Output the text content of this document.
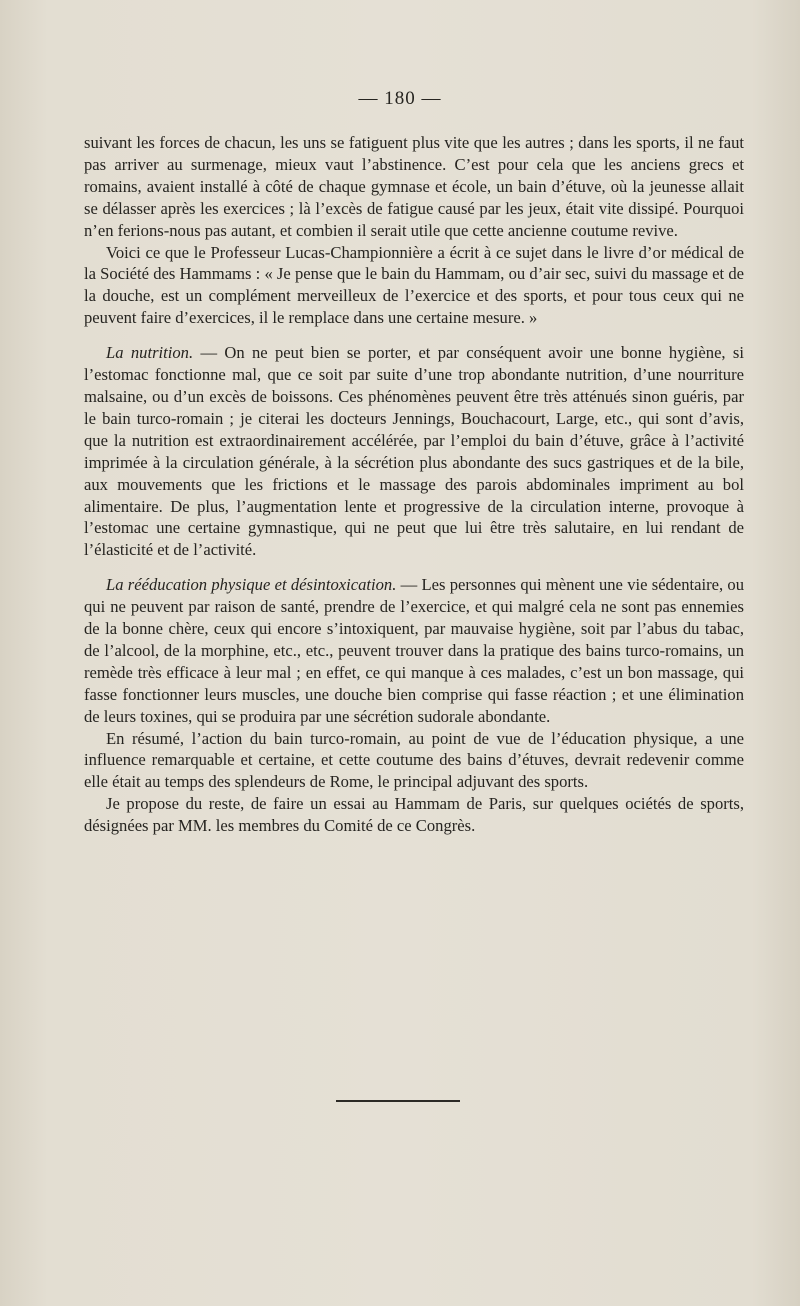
— 180 —

suivant les forces de chacun, les uns se fatiguent plus vite que les autres ; dans les sports, il ne faut pas arriver au surmenage, mieux vaut l’abstinence. C’est pour cela que les anciens grecs et romains, avaient installé à côté de chaque gymnase et école, un bain d’étuve, où la jeunesse allait se délasser après les exercices ; là l’excès de fatigue causé par les jeux, était vite dissipé. Pourquoi n’en ferions-nous pas autant, et combien il serait utile que cette ancienne coutume revive.

Voici ce que le Professeur Lucas-Championnière a écrit à ce sujet dans le livre d’or médical de la Société des Hammams : « Je pense que le bain du Hammam, ou d’air sec, suivi du massage et de la douche, est un complément merveilleux de l’exercice et des sports, et pour tous ceux qui ne peuvent faire d’exercices, il le remplace dans une certaine mesure. »

La nutrition. — On ne peut bien se porter, et par conséquent avoir une bonne hygiène, si l’estomac fonctionne mal, que ce soit par suite d’une trop abondante nutrition, d’une nourriture malsaine, ou d’un excès de boissons. Ces phénomènes peuvent être très atténués sinon guéris, par le bain turco-romain ; je citerai les docteurs Jennings, Bouchacourt, Large, etc., qui sont d’avis, que la nutrition est extraordinairement accélérée, par l’emploi du bain d’étuve, grâce à l’activité imprimée à la circulation générale, à la sécrétion plus abondante des sucs gastriques et de la bile, aux mouvements que les frictions et le massage des parois abdominales impriment au bol alimentaire. De plus, l’augmentation lente et progressive de la circulation interne, provoque à l’estomac une certaine gymnastique, qui ne peut que lui être très salutaire, en lui rendant de l’élasticité et de l’activité.

La rééducation physique et désintoxication. — Les personnes qui mènent une vie sédentaire, ou qui ne peuvent par raison de santé, prendre de l’exercice, et qui malgré cela ne sont pas ennemies de la bonne chère, ceux qui encore s’intoxiquent, par mauvaise hygiène, soit par l’abus du tabac, de l’alcool, de la morphine, etc., etc., peuvent trouver dans la pratique des bains turco-romains, un remède très efficace à leur mal ; en effet, ce qui manque à ces malades, c’est un bon massage, qui fasse fonctionner leurs muscles, une douche bien comprise qui fasse réaction ; et une élimination de leurs toxines, qui se produira par une sécrétion sudorale abondante.

En résumé, l’action du bain turco-romain, au point de vue de l’éducation physique, a une influence remarquable et certaine, et cette coutume des bains d’étuves, devrait redevenir comme elle était au temps des splendeurs de Rome, le principal adjuvant des sports.

Je propose du reste, de faire un essai au Hammam de Paris, sur quelques ociétés de sports, désignées par MM. les membres du Comité de ce Congrès.
